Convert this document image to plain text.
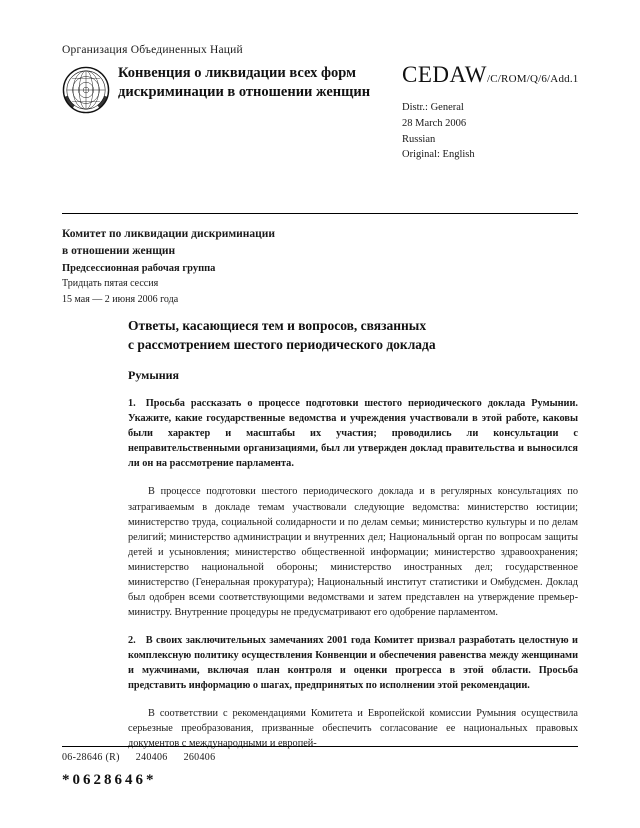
Организация Объединенных Наций
Конвенция о ликвидации всех форм дискриминации в отношении женщин
CEDAW/C/ROM/Q/6/Add.1
Distr.: General
28 March 2006
Russian
Original: English
Комитет по ликвидации дискриминации
в отношении женщин
Предсессионная рабочая группа
Тридцать пятая сессия
15 мая — 2 июня 2006 года
Ответы, касающиеся тем и вопросов, связанных
с рассмотрением шестого периодического доклада
Румыния

1. Просьба рассказать о процессе подготовки шестого периодического доклада Румынии. Укажите, какие государственные ведомства и учреждения участвовали в этой работе, каковы были характер и масштабы их участия; проводились ли консультации с неправительственными организациями, был ли утвержден доклад правительства и выносился ли он на рассмотрение парламента.

В процессе подготовки шестого периодического доклада и в регулярных консультациях по затрагиваемым в докладе темам участвовали следующие ведомства: министерство юстиции; министерство труда, социальной солидарности и по делам семьи; министерство культуры и по делам религий; министерство администрации и внутренних дел; Национальный орган по вопросам защиты детей и усыновления; министерство общественной информации; министерство здравоохранения; министерство национальной обороны; министерство иностранных дел; государственное министерство (Генеральная прокуратура); Национальный институт статистики и Омбудсмен. Доклад был одобрен всеми соответствующими ведомствами и затем представлен на утверждение премьер-министру. Внутренние процедуры не предусматривают его одобрение парламентом.

2. В своих заключительных замечаниях 2001 года Комитет призвал разработать целостную и комплексную политику осуществления Конвенции и обеспечения равенства между женщинами и мужчинами, включая план контроля и оценки прогресса в этой области. Просьба представить информацию о шагах, предпринятых по исполнении этой рекомендации.

В соответствии с рекомендациями Комитета и Европейской комиссии Румыния осуществила серьезные преобразования, призванные обеспечить согласование ее национальных правовых документов с международными и европей-

06-28646 (R) 240406 260406
*0628646*
